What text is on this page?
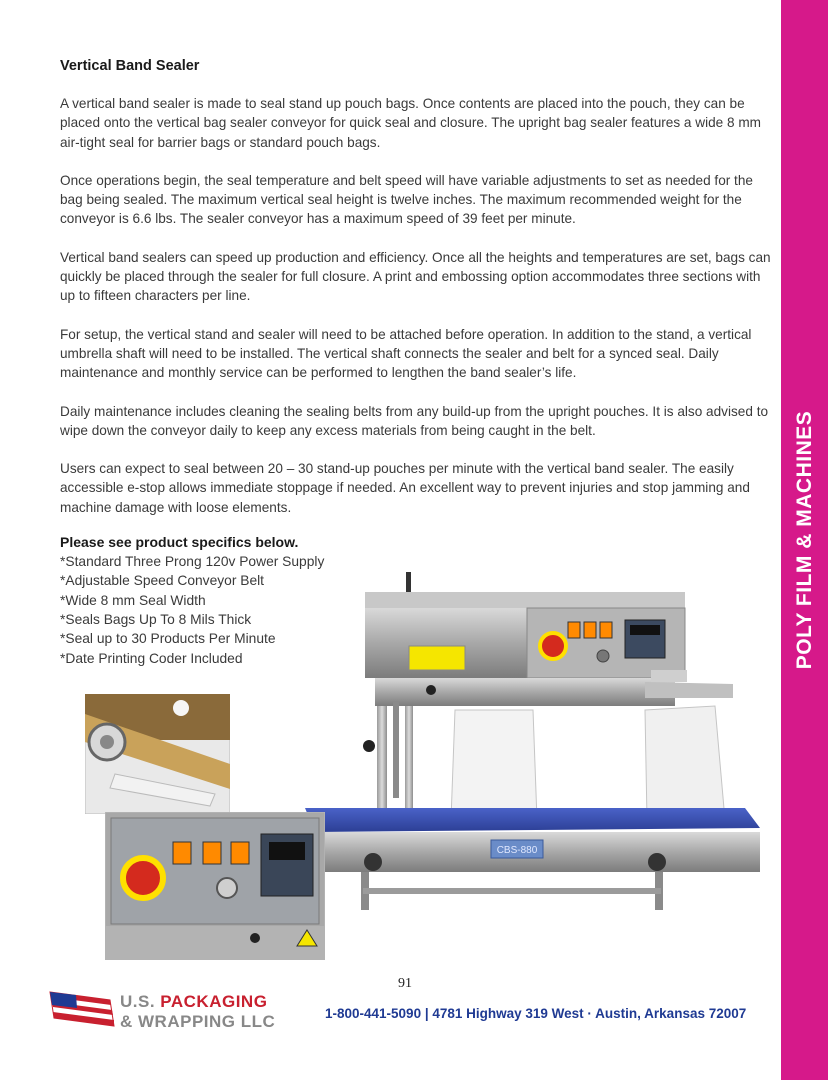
POLY FILM & MACHINES
Vertical Band Sealer

A vertical band sealer is made to seal stand up pouch bags. Once contents are placed into the pouch, they can be placed onto the vertical bag sealer conveyor for quick seal and closure. The upright bag sealer features a wide 8 mm air-tight seal for barrier bags or standard pouch bags.

Once operations begin, the seal temperature and belt speed will have variable adjustments to set as needed for the bag being sealed. The maximum vertical seal height is twelve inches. The maximum recommended weight for the conveyor is 6.6 lbs. The sealer conveyor has a maximum speed of 39 feet per minute.

Vertical band sealers can speed up production and efficiency. Once all the heights and temperatures are set, bags can quickly be placed through the sealer for full closure. A print and embossing option accommodates three sections with up to fifteen characters per line.

For setup, the vertical stand and sealer will need to be attached before operation. In addition to the stand, a vertical umbrella shaft will need to be installed. The vertical shaft connects the sealer and belt for a synced seal. Daily maintenance and monthly service can be performed to lengthen the band sealer’s life.

Daily maintenance includes cleaning the sealing belts from any build-up from the upright pouches. It is also advised to wipe down the conveyor daily to keep any excess materials from being caught in the belt.

Users can expect to seal between 20 – 30 stand-up pouches per minute with the vertical band sealer. The easily accessible e-stop allows immediate stoppage if needed. An excellent way to prevent injuries and stop jamming and machine damage with loose elements.

Please see product specifics below.
*Standard Three Prong 120v Power Supply
*Adjustable Speed Conveyor Belt
*Wide 8 mm Seal Width
*Seals Bags Up To 8 Mils Thick
*Seal up to 30 Products Per Minute
*Date Printing Coder Included
CBS-880
91
U.S. PACKAGING
& WRAPPING LLC	1-800-441-5090 | 4781 Highway 319 West · Austin, Arkansas 72007
